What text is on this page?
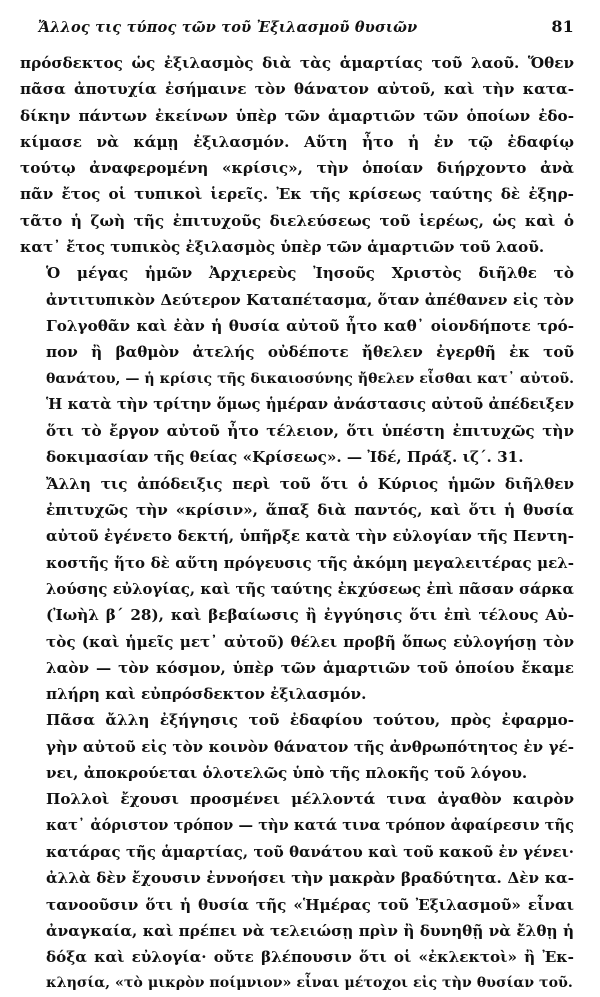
Ἄλλος τις τύπος τῶν τοῦ Ἐξιλασμοῦ θυσιῶν	81
πρόσδεκτος ὡς ἐξιλασμὸς διὰ τὰς ἁμαρτίας τοῦ λαοῦ. Ὅθεν
πᾶσα ἀποτυχία ἐσήμαινε τὸν θάνατον αὐτοῦ, καὶ τὴν κατα-
δίκην πάντων ἐκείνων ὑπὲρ τῶν ἁμαρτιῶν τῶν ὁποίων ἐδο-
κίμασε νὰ κάμῃ ἐξιλασμόν. Αὕτη ἦτο ἡ ἐν τῷ ἐδαφίῳ
τούτῳ ἀναφερομένη «κρίσις», τὴν ὁποίαν διήρχοντο ἀνὰ
πᾶν ἔτος οἱ τυπικοὶ ἱερεῖς. Ἐκ τῆς κρίσεως ταύτης δὲ ἐξηρ-
τᾶτο ἡ ζωὴ τῆς ἐπιτυχοῦς διελεύσεως τοῦ ἱερέως, ὡς καὶ ὁ
κατ᾿ ἔτος τυπικὸς ἐξιλασμὸς ὑπὲρ τῶν ἁμαρτιῶν τοῦ λαοῦ.
Ὁ μέγας ἡμῶν Ἀρχιερεὺς Ἰησοῦς Χριστὸς διῆλθε τὸ
ἀντιτυπικὸν Δεύτερον Καταπέτασμα, ὅταν ἀπέθανεν εἰς τὸν
Γολγοθᾶν καὶ ἐὰν ἡ θυσία αὐτοῦ ἦτο καθ᾿ οἱονδήποτε τρό-
πον ἢ βαθμὸν ἀτελής οὐδέποτε ἤθελεν ἐγερθῆ ἐκ τοῦ
θανάτου, — ἡ κρίσις τῆς δικαιοσύνης ἤθελεν εἶσθαι κατ᾿ αὐτοῦ.
Ἡ κατὰ τὴν τρίτην ὅμως ἡμέραν ἀνάστασις αὐτοῦ ἀπέδειξεν
ὅτι τὸ ἔργον αὐτοῦ ἦτο τέλειον, ὅτι ὑπέστη ἐπιτυχῶς τὴν
δοκιμασίαν τῆς θείας «Κρίσεως». — Ἰδέ, Πράξ. ιζ΄. 31.
Ἄλλη τις ἀπόδειξις περὶ τοῦ ὅτι ὁ Κύριος ἡμῶν διῆλθεν
ἐπιτυχῶς τὴν «κρίσιν», ἅπαξ διὰ παντός, καὶ ὅτι ἡ θυσία
αὐτοῦ ἐγένετο δεκτή, ὑπῆρξε κατὰ τὴν εὐλογίαν τῆς Πεντη-
κοστῆς ἥτο δὲ αὕτη πρόγευσις τῆς ἀκόμη μεγαλειτέρας μελ-
λούσης εὐλογίας, καὶ τῆς ταύτης ἐκχύσεως ἐπὶ πᾶσαν σάρκα
(Ἰωὴλ β΄ 28), καὶ βεβαίωσις ἢ ἐγγύησις ὅτι ἐπὶ τέλους Αὐ-
τὸς (καὶ ἡμεῖς μετ᾿ αὐτοῦ) θέλει προβῆ ὅπως εὐλογήσῃ τὸν
λαὸν — τὸν κόσμον, ὑπὲρ τῶν ἁμαρτιῶν τοῦ ὁποίου ἔκαμε
πλήρη καὶ εὐπρόσδεκτον ἐξιλασμόν.
Πᾶσα ἄλλη ἐξήγησις τοῦ ἐδαφίου τούτου, πρὸς ἐφαρμο-
γὴν αὐτοῦ εἰς τὸν κοινὸν θάνατον τῆς ἀνθρωπότητος ἐν γέ-
νει, ἀποκρούεται ὁλοτελῶς ὑπὸ τῆς πλοκῆς τοῦ λόγου.
Πολλοὶ ἔχουσι προσμένει μέλλοντά τινα ἀγαθὸν καιρὸν
κατ᾿ ἀόριστον τρόπον — τὴν κατά τινα τρόπον ἀφαίρεσιν τῆς
κατάρας τῆς ἁμαρτίας, τοῦ θανάτου καὶ τοῦ κακοῦ ἐν γένει·
ἀλλὰ δὲν ἔχουσιν ἐννοήσει τὴν μακρὰν βραδύτητα. Δὲν κα-
τανοοῦσιν ὅτι ἡ θυσία τῆς «Ἡμέρας τοῦ Ἐξιλασμοῦ» εἶναι
ἀναγκαία, καὶ πρέπει νὰ τελειώσῃ πρὶν ἢ δυνηθῇ νὰ ἔλθῃ ἡ
δόξα καὶ εὐλογία· οὔτε βλέπουσιν ὅτι οἱ «ἐκλεκτοὶ» ἢ Ἐκ-
κλησία, «τὸ μικρὸν ποίμνιον» εἶναι μέτοχοι εἰς τὴν θυσίαν τοῦ.
